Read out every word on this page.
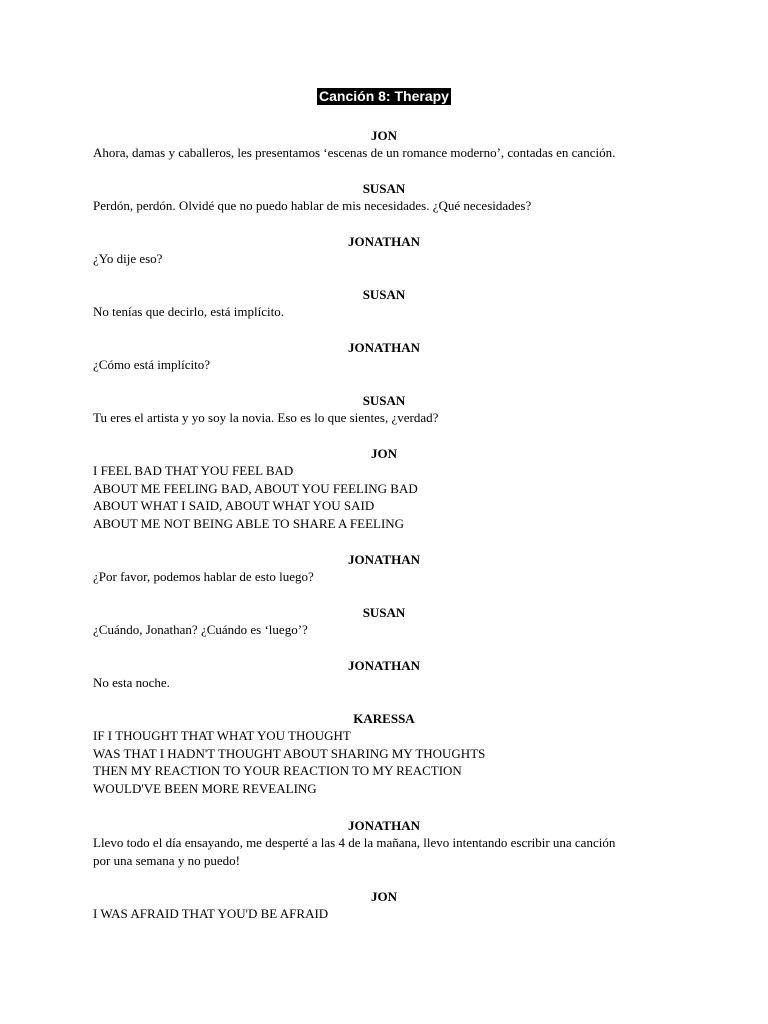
Canción 8: Therapy
JON
Ahora, damas y caballeros, les presentamos ‘escenas de un romance moderno’, contadas en canción.
SUSAN
Perdón, perdón. Olvidé que no puedo hablar de mis necesidades. ¿Qué necesidades?
JONATHAN
¿Yo dije eso?
SUSAN
No tenías que decirlo, está implícito.
JONATHAN
¿Cómo está implícito?
SUSAN
Tu eres el artista y yo soy la novia. Eso es lo que sientes, ¿verdad?
JON
I FEEL BAD THAT YOU FEEL BAD
ABOUT ME FEELING BAD, ABOUT YOU FEELING BAD
ABOUT WHAT I SAID, ABOUT WHAT YOU SAID
ABOUT ME NOT BEING ABLE TO SHARE A FEELING
JONATHAN
¿Por favor, podemos hablar de esto luego?
SUSAN
¿Cuándo, Jonathan? ¿Cuándo es ‘luego’?
JONATHAN
No esta noche.
KARESSA
IF I THOUGHT THAT WHAT YOU THOUGHT
WAS THAT I HADN'T THOUGHT ABOUT SHARING MY THOUGHTS
THEN MY REACTION TO YOUR REACTION TO MY REACTION
WOULD'VE BEEN MORE REVEALING
JONATHAN
Llevo todo el día ensayando, me desperté a las 4 de la mañana, llevo intentando escribir una canción
por una semana y no puedo!
JON
I WAS AFRAID THAT YOU'D BE AFRAID
